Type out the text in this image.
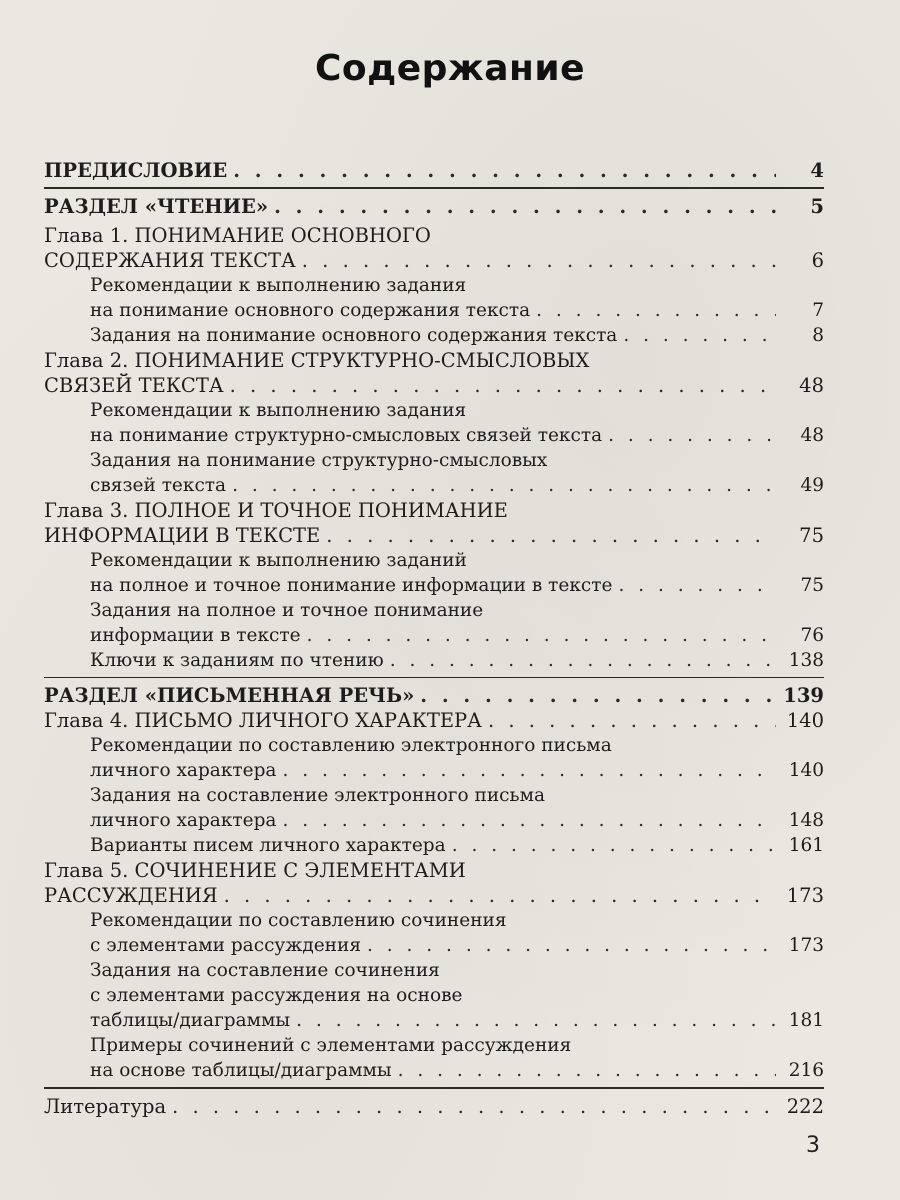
Содержание
ПРЕДИСЛОВИЕ . . .	4
РАЗДЕЛ «ЧТЕНИЕ» . . .	5
Глава 1. ПОНИМАНИЕ ОСНОВНОГО
СОДЕРЖАНИЯ ТЕКСТА . . .	6
Рекомендации к выполнению задания
на понимание основного содержания текста . . .	7
Задания на понимание основного содержания текста . . .	8
Глава 2. ПОНИМАНИЕ СТРУКТУРНО-СМЫСЛОВЫХ
СВЯЗЕЙ ТЕКСТА . . .	48
Рекомендации к выполнению задания
на понимание структурно-смысловых связей текста . . .	48
Задания на понимание структурно-смысловых
связей текста . . .	49
Глава 3. ПОЛНОЕ И ТОЧНОЕ ПОНИМАНИЕ
ИНФОРМАЦИИ В ТЕКСТЕ . . .	75
Рекомендации к выполнению заданий
на полное и точное понимание информации в тексте . . .	75
Задания на полное и точное понимание
информации в тексте . . .	76
Ключи к заданиям по чтению . . .	138
РАЗДЕЛ «ПИСЬМЕННАЯ РЕЧЬ» . . .	139
Глава 4. ПИСЬМО ЛИЧНОГО ХАРАКТЕРА . . .	140
Рекомендации по составлению электронного письма
личного характера . . .	140
Задания на составление электронного письма
личного характера . . .	148
Варианты писем личного характера . . .	161
Глава 5. СОЧИНЕНИЕ С ЭЛЕМЕНТАМИ
РАССУЖДЕНИЯ . . .	173
Рекомендации по составлению сочинения
с элементами рассуждения . . .	173
Задания на составление сочинения
с элементами рассуждения на основе
таблицы/диаграммы . . .	181
Примеры сочинений с элементами рассуждения
на основе таблицы/диаграммы . . .	216
Литература . . .	222
3
